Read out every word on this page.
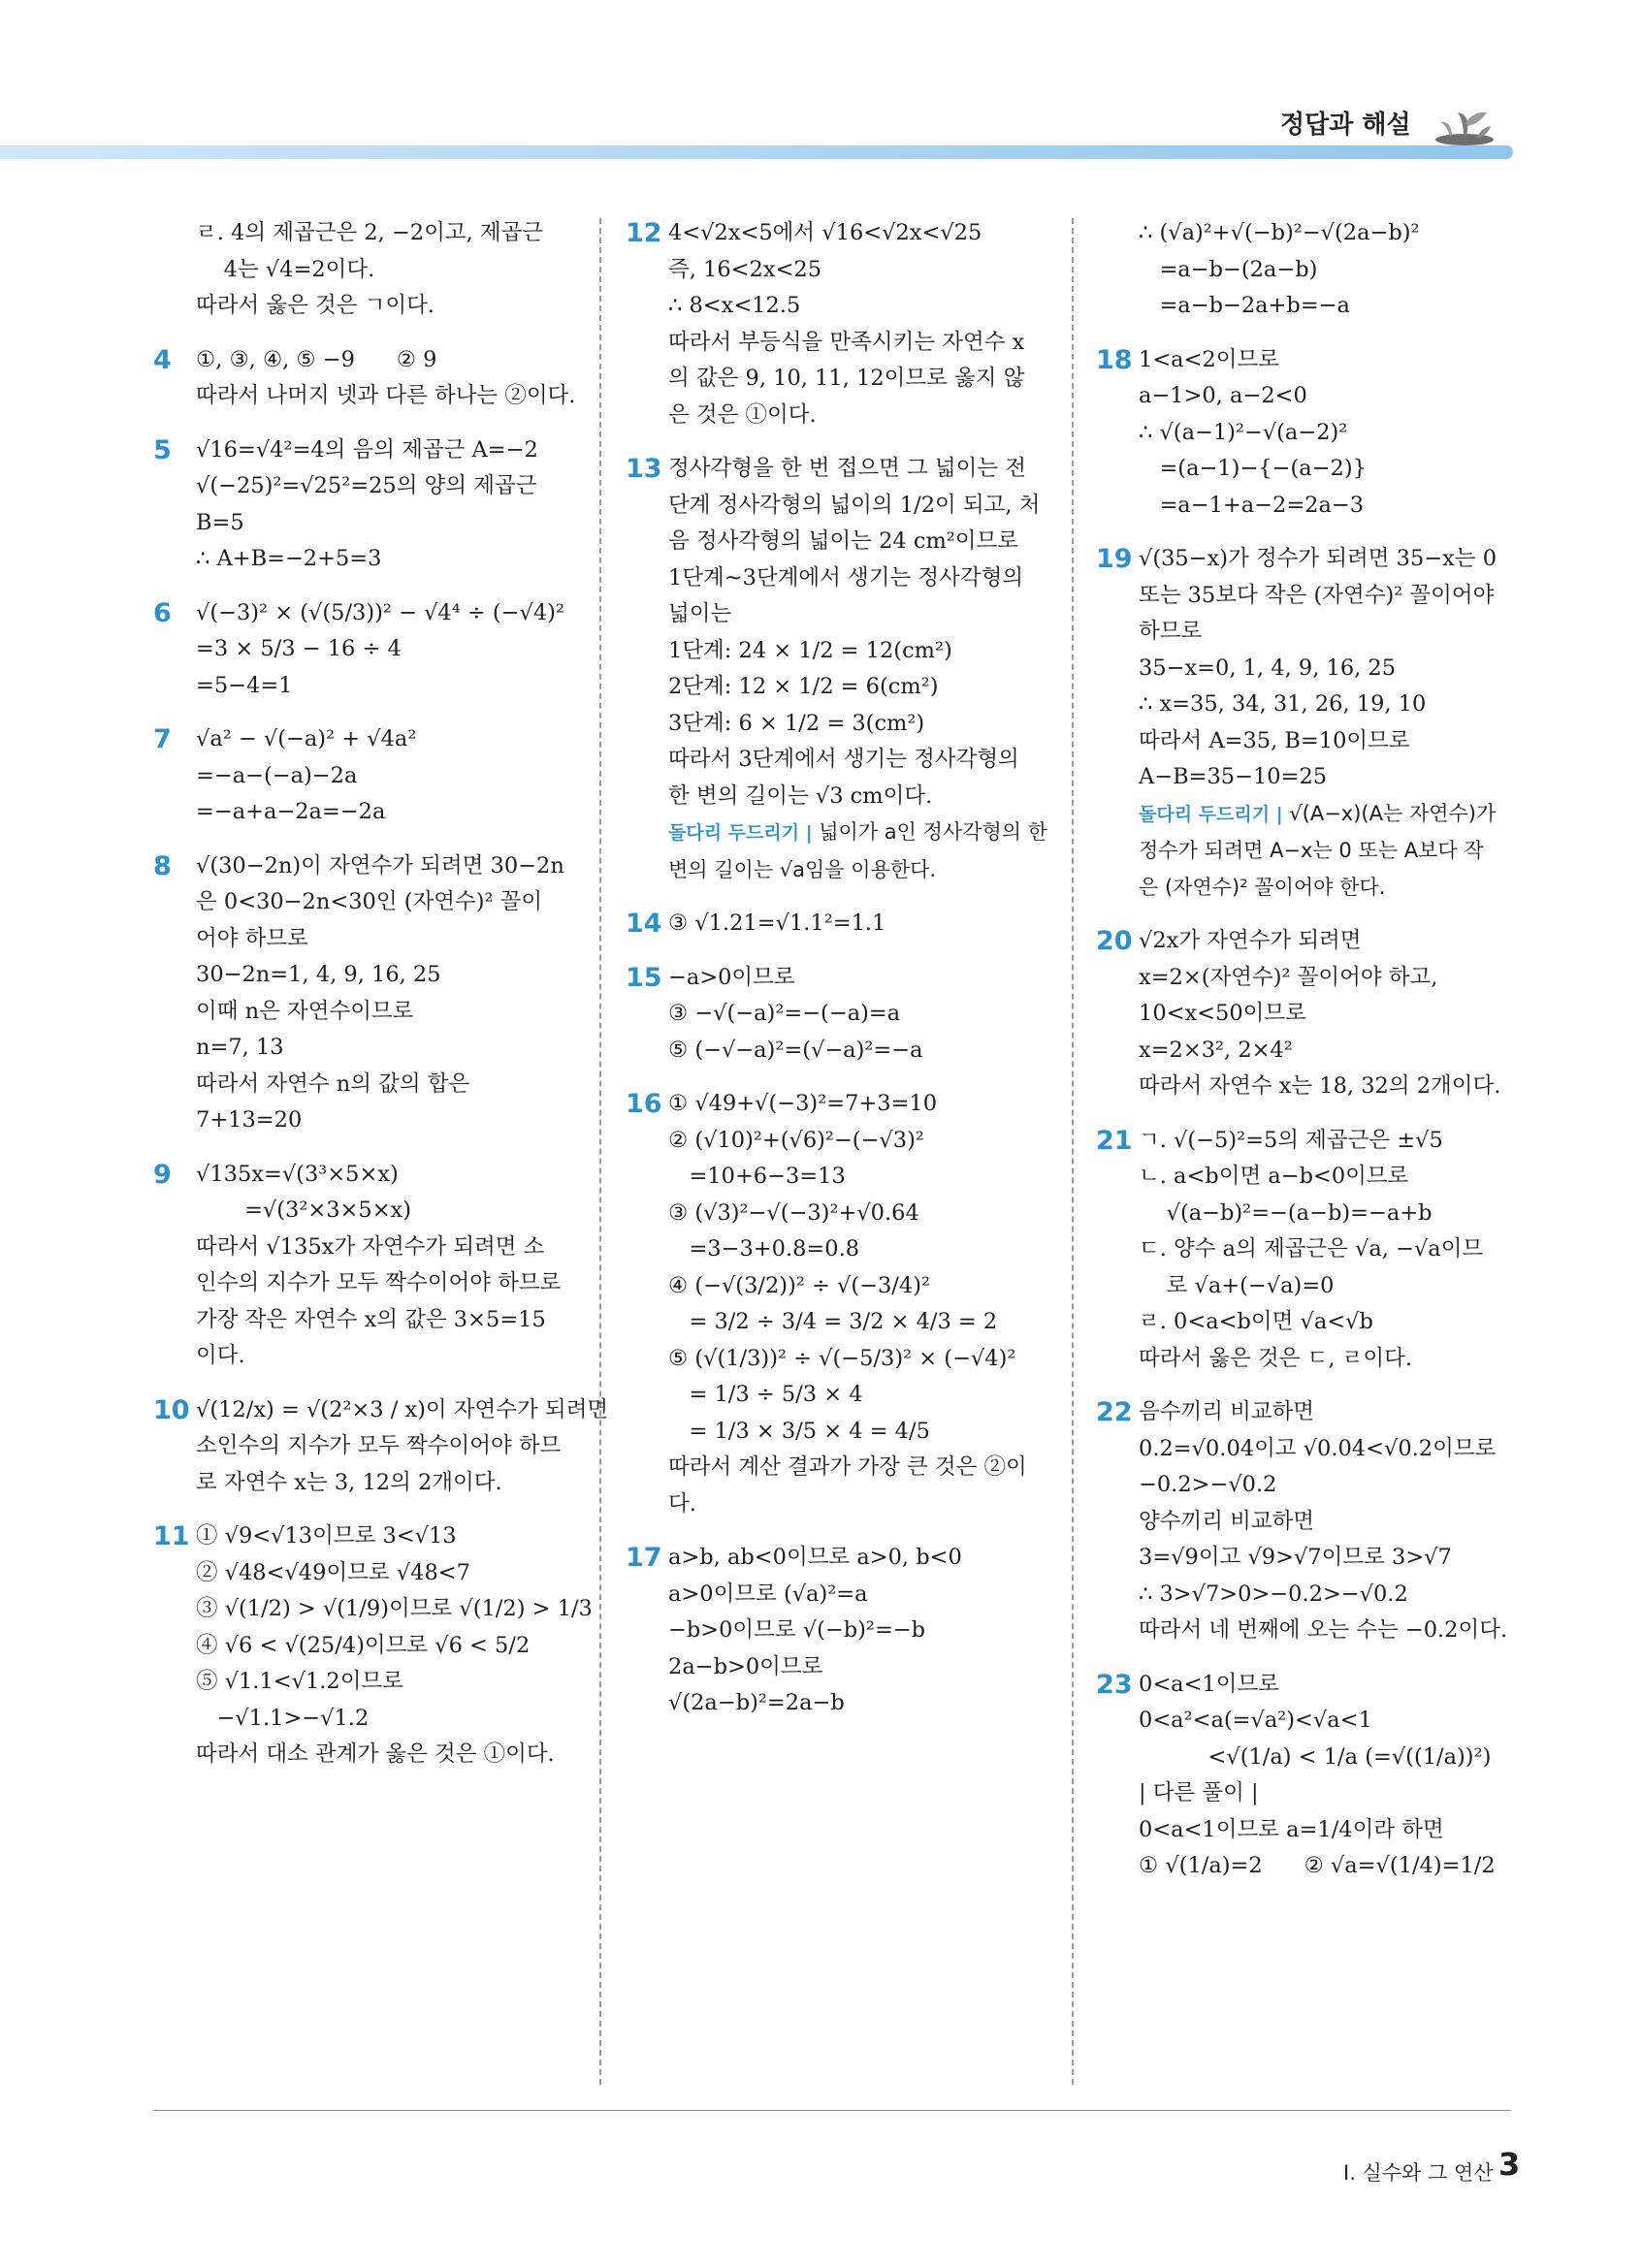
정답과 해설
ㄹ. 4의 제곱근은 2, −2이고, 제곱근
4는 √4=2이다.
따라서 옳은 것은 ㄱ이다.
4	①, ③, ④, ⑤ −9      ② 9
따라서 나머지 넷과 다른 하나는 ②이다.
5	√16=√4²=4의 음의 제곱근 A=−2
√(−25)²=√25²=25의 양의 제곱근
B=5
∴ A+B=−2+5=3
6	√(−3)² × (√(5/3))² − √4⁴ ÷ (−√4)²
=3 × 5/3 − 16 ÷ 4
=5−4=1
7	√a² − √(−a)² + √4a²
=−a−(−a)−2a
=−a+a−2a=−2a
8	√(30−2n)이 자연수가 되려면 30−2n
은 0<30−2n<30인 (자연수)² 꼴이
어야 하므로
30−2n=1, 4, 9, 16, 25
이때 n은 자연수이므로
n=7, 13
따라서 자연수 n의 값의 합은
7+13=20
9	√135x=√(3³×5×x)
=√(3²×3×5×x)
따라서 √135x가 자연수가 되려면 소
인수의 지수가 모두 짝수이어야 하므로
가장 작은 자연수 x의 값은 3×5=15
이다.
10 √(12/x) = √(2²×3 / x)이 자연수가 되려면
소인수의 지수가 모두 짝수이어야 하므
로 자연수 x는 3, 12의 2개이다.
11 ① √9<√13이므로 3<√13
② √48<√49이므로 √48<7
③ √(1/2) > √(1/9)이므로 √(1/2) > 1/3
④ √6 < √(25/4)이므로 √6 < 5/2
⑤ √1.1<√1.2이므로
−√1.1>−√1.2
따라서 대소 관계가 옳은 것은 ①이다.
12 4<√2x<5에서 √16<√2x<√25
즉, 16<2x<25
∴ 8<x<12.5
따라서 부등식을 만족시키는 자연수 x
의 값은 9, 10, 11, 12이므로 옳지 않
은 것은 ①이다.
13 정사각형을 한 번 접으면 그 넓이는 전
단계 정사각형의 넓이의 1/2이 되고, 처
음 정사각형의 넓이는 24 cm²이므로
1단계~3단계에서 생기는 정사각형의
넓이는
1단계: 24 × 1/2 = 12(cm²)
2단계: 12 × 1/2 = 6(cm²)
3단계: 6 × 1/2 = 3(cm²)
따라서 3단계에서 생기는 정사각형의
한 변의 길이는 √3 cm이다.
돌다리 두드리기 | 넓이가 a인 정사각형의 한
변의 길이는 √a임을 이용한다.
14 ③ √1.21=√1.1²=1.1
15 −a>0이므로
③ −√(−a)²=−(−a)=a
⑤ (−√−a)²=(√−a)²=−a
16 ① √49+√(−3)²=7+3=10
② (√10)²+(√6)²−(−√3)²
=10+6−3=13
③ (√3)²−√(−3)²+√0.64
=3−3+0.8=0.8
④ (−√(3/2))² ÷ √(−3/4)²
= 3/2 ÷ 3/4 = 3/2 × 4/3 = 2
⑤ (√(1/3))² ÷ √(−5/3)² × (−√4)²
= 1/3 ÷ 5/3 × 4
= 1/3 × 3/5 × 4 = 4/5
따라서 계산 결과가 가장 큰 것은 ②이
다.
17 a>b, ab<0이므로 a>0, b<0
a>0이므로 (√a)²=a
−b>0이므로 √(−b)²=−b
2a−b>0이므로
√(2a−b)²=2a−b
∴ (√a)²+√(−b)²−√(2a−b)²
=a−b−(2a−b)
=a−b−2a+b=−a
18 1<a<2이므로
a−1>0, a−2<0
∴ √(a−1)²−√(a−2)²
=(a−1)−{−(a−2)}
=a−1+a−2=2a−3
19 √(35−x)가 정수가 되려면 35−x는 0
또는 35보다 작은 (자연수)² 꼴이어야
하므로
35−x=0, 1, 4, 9, 16, 25
∴ x=35, 34, 31, 26, 19, 10
따라서 A=35, B=10이므로
A−B=35−10=25
돌다리 두드리기 | √(A−x)(A는 자연수)가
정수가 되려면 A−x는 0 또는 A보다 작
은 (자연수)² 꼴이어야 한다.
20 √2x가 자연수가 되려면
x=2×(자연수)² 꼴이어야 하고,
10<x<50이므로
x=2×3², 2×4²
따라서 자연수 x는 18, 32의 2개이다.
21 ㄱ. √(−5)²=5의 제곱근은 ±√5
ㄴ. a<b이면 a−b<0이므로
√(a−b)²=−(a−b)=−a+b
ㄷ. 양수 a의 제곱근은 √a, −√a이므
로 √a+(−√a)=0
ㄹ. 0<a<b이면 √a<√b
따라서 옳은 것은 ㄷ, ㄹ이다.
22 음수끼리 비교하면
0.2=√0.04이고 √0.04<√0.2이므로
−0.2>−√0.2
양수끼리 비교하면
3=√9이고 √9>√7이므로 3>√7
∴ 3>√7>0>−0.2>−√0.2
따라서 네 번째에 오는 수는 −0.2이다.
23 0<a<1이므로
0<a²<a(=√a²)<√a<1
<√(1/a) < 1/a (=√((1/a))²)
| 다른 풀이 |
0<a<1이므로 a=1/4이라 하면
① √(1/a)=2      ② √a=√(1/4)=1/2
Ⅰ. 실수와 그 연산 3
